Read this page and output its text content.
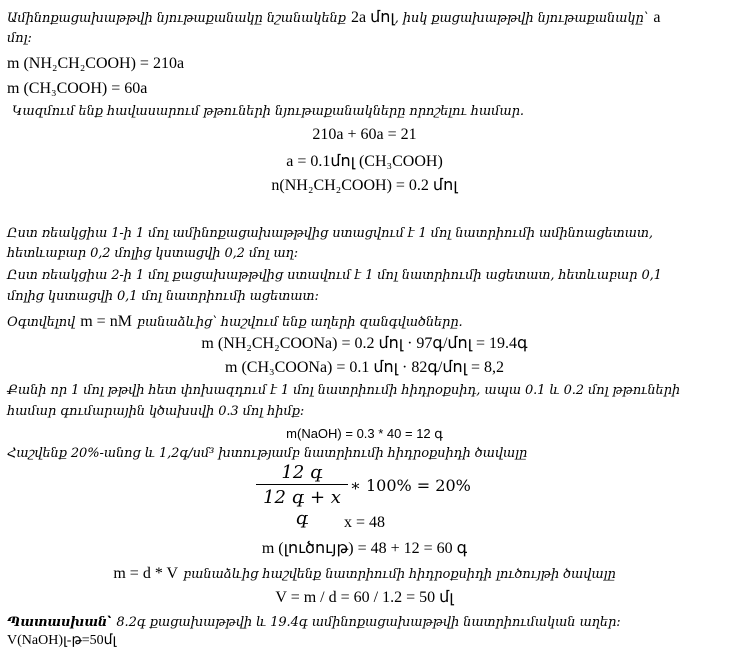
Ամինոքացախաթթվի նյութաքանակը նշանակենք 2a մոլ, իսկ քացախաթթվի նյութաքանակը՝ a
մոլ:
m (NH₂CH₂COOH) = 210a
m (CH₃COOH) = 60a
Կազմում ենք հավասարում թթուների նյութաքանակները որոշելու համար.
210a + 60a = 21
a = 0.1մոլ (CH₃COOH)
n(NH₂CH₂COOH) = 0.2 մոլ
Ըստ ռեակցիա 1-ի 1 մոլ ամինոքացախաթթվից ստացվում է 1 մոլ նատրիումի ամինոացետատ,
հետևաբար 0,2 մոլից կստացվի 0,2 մոլ աղ:
Ըստ ռեակցիա 2-ի 1 մոլ քացախաթթվից ստավում է 1 մոլ նատրիումի ացետատ, հետևաբար 0,1
մոլից կստացվի 0,1 մոլ նատրիումի ացետատ:
Օգտվելով m = nM բանաձևից՝ հաշվում ենք աղերի զանգվածները.
m (NH₂CH₂COONa) = 0.2 մոլ · 97գ/մոլ = 19.4գ
m (CH₃COONa) = 0.1 մոլ · 82գ/մոլ = 8,2
Քանի որ 1 մոլ թթվի հետ փոխազդում է 1 մոլ նատրիումի հիդրօքսիդ, ապա 0.1 և 0.2 մոլ թթուների
համար գումարային կծախսվի 0.3 մոլ հիմք:
m(NaOH) = 0.3 * 40 = 12 գ
Հաշվենք 20%-անոց և 1,2գ/սմ³ խտությամբ նատրիումի հիդրօքսիդի ծավալը
12 գ
12 գ + x գ
∗ 100% = 20%
x = 48
m (լուծույթ) = 48 + 12 = 60 գ
m = d * V բանաձևից հաշվենք նատրիումի հիդրօքսիդի լուծույթի ծավալը
V = m / d = 60 / 1.2 = 50 մլ
Պատասխան՝ 8.2գ քացախաթթվի և 19.4գ ամինոքացախաթթվի նատրիումական աղեր:
V(NaOH)լ-թ=50մլ
